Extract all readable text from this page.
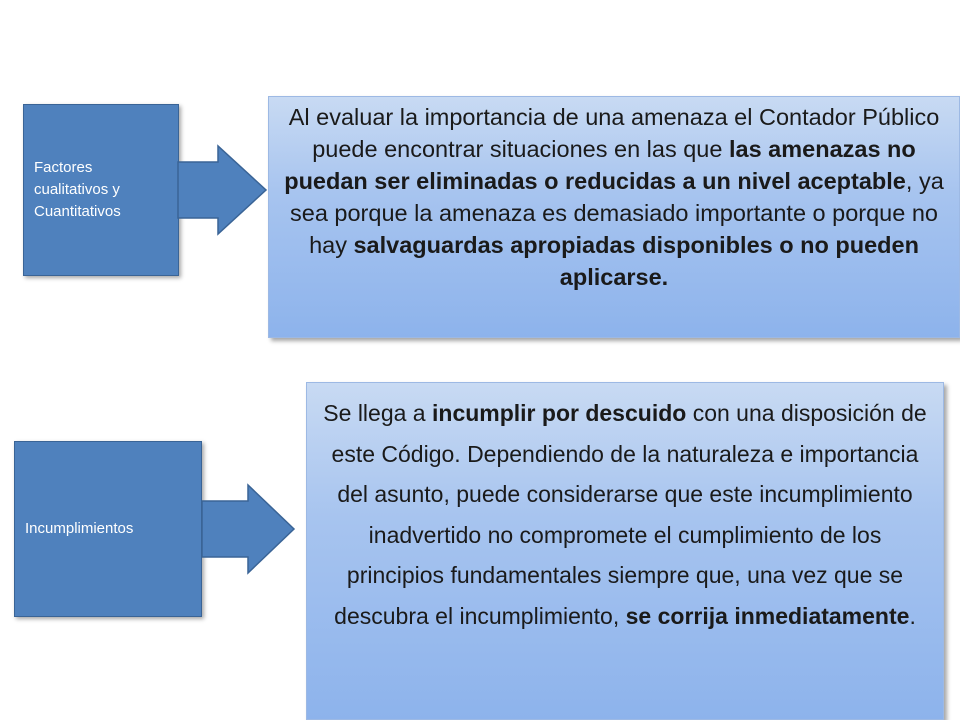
Factores
cualitativos y
Cuantitativos
Al evaluar la importancia de una amenaza el Contador Público puede encontrar situaciones en las que las amenazas no puedan ser eliminadas o reducidas a un nivel aceptable, ya sea porque la amenaza es demasiado importante o porque no hay salvaguardas apropiadas disponibles o no pueden aplicarse.
Incumplimientos
Se llega a incumplir por descuido con una disposición de este Código. Dependiendo de la naturaleza e importancia del asunto, puede considerarse que este incumplimiento inadvertido no compromete el cumplimiento de los principios fundamentales siempre que, una vez que se descubra el incumplimiento, se corrija inmediatamente.
